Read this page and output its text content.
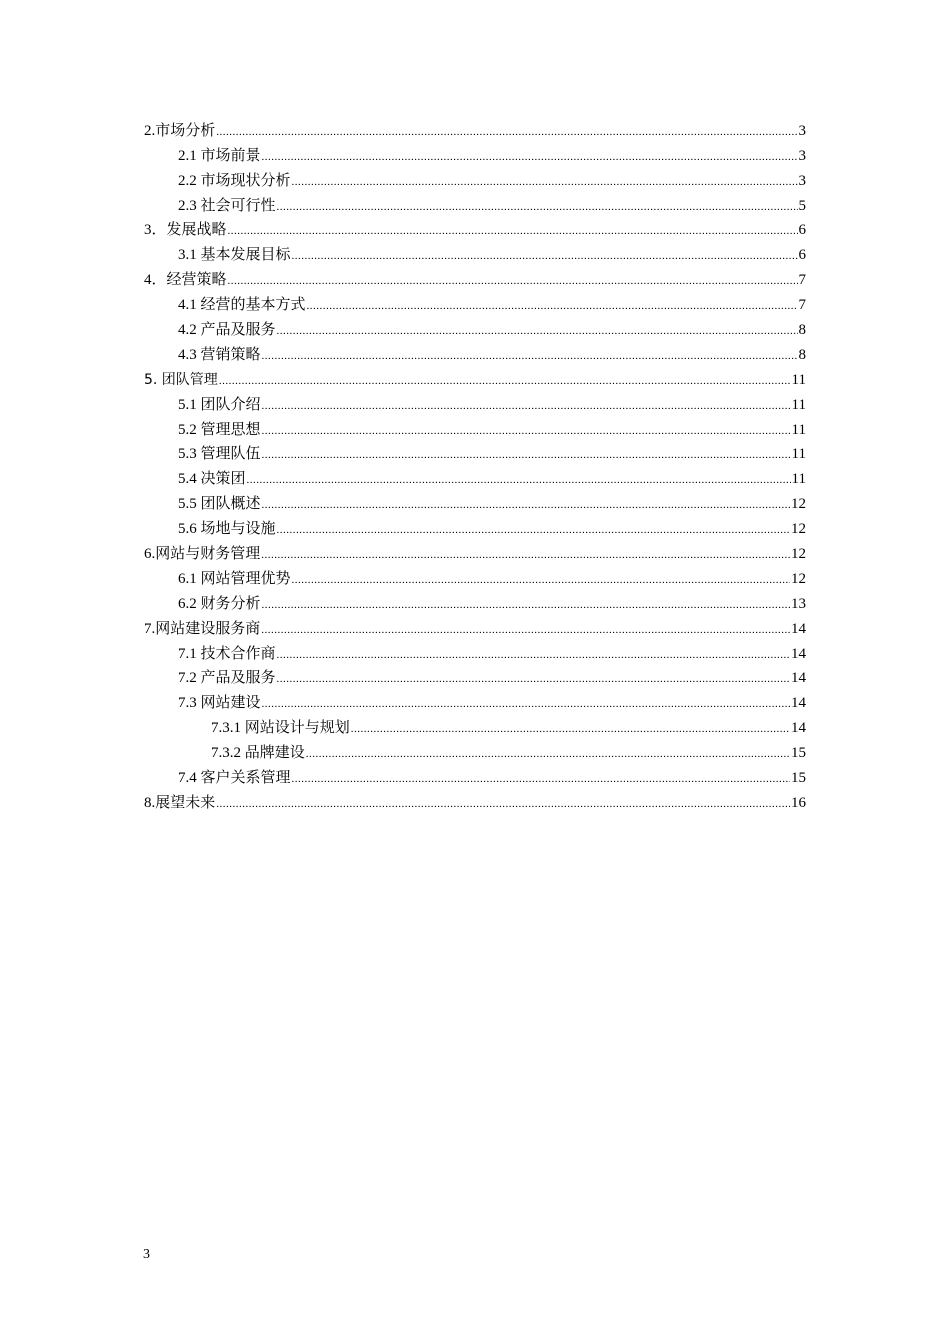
2.市场分析 .....	3
2.1 市场前景 .....	3
2.2 市场现状分析 .....	3
2.3 社会可行性 .....	5
3．发展战略 .....	6
3.1 基本发展目标 .....	6
4．经营策略 .....	7
4.1 经营的基本方式 .....	7
4.2 产品及服务 .....	8
4.3 营销策略 .....	8
5. 团队管理 .....	11
5.1 团队介绍 .....	11
5.2 管理思想 .....	11
5.3 管理队伍 .....	11
5.4 决策团 .....	11
5.5 团队概述 .....	12
5.6 场地与设施 .....	12
6.网站与财务管理 .....	12
6.1 网站管理优势 .....	12
6.2 财务分析 .....	13
7.网站建设服务商 .....	14
7.1 技术合作商 .....	14
7.2 产品及服务 .....	14
7.3 网站建设 .....	14
7.3.1 网站设计与规划 .....	14
7.3.2 品牌建设 .....	15
7.4 客户关系管理 .....	15
8.展望未来 .....	16
3
